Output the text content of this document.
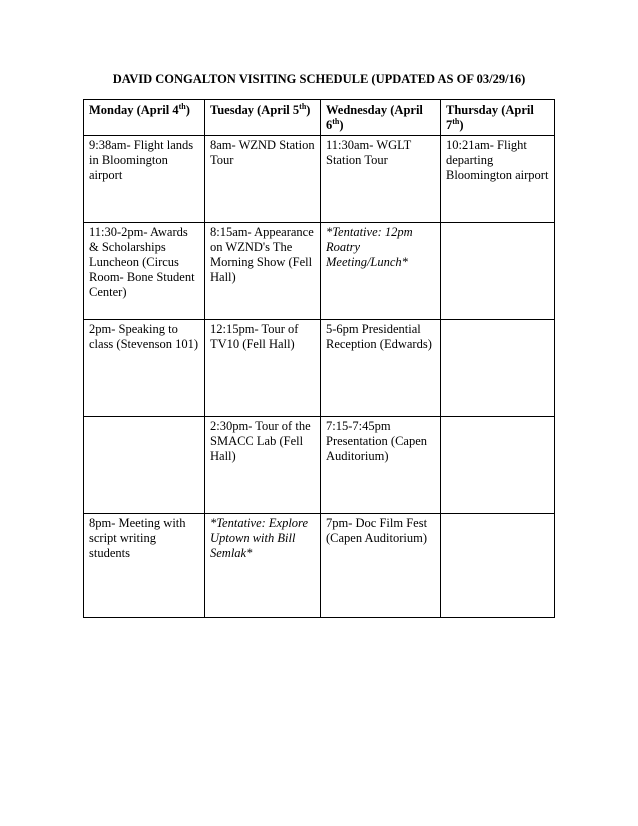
DAVID CONGALTON VISITING SCHEDULE (UPDATED AS OF 03/29/16)
Monday (April 4th)	Tuesday (April 5th)	Wednesday (April 6th)	Thursday (April 7th)
9:38am- Flight lands in Bloomington airport	8am- WZND Station Tour	11:30am- WGLT Station Tour	10:21am- Flight departing Bloomington airport
11:30-2pm- Awards & Scholarships Luncheon (Circus Room- Bone Student Center)	8:15am- Appearance on WZND's The Morning Show (Fell Hall)	*Tentative: 12pm Roatry Meeting/Lunch*	
2pm- Speaking to class (Stevenson 101)	12:15pm- Tour of TV10 (Fell Hall)	5-6pm Presidential Reception (Edwards)	
	2:30pm- Tour of the SMACC Lab (Fell Hall)	7:15-7:45pm Presentation (Capen Auditorium)	
8pm- Meeting with script writing students	*Tentative: Explore Uptown with Bill Semlak*	7pm- Doc Film Fest (Capen Auditorium)	
